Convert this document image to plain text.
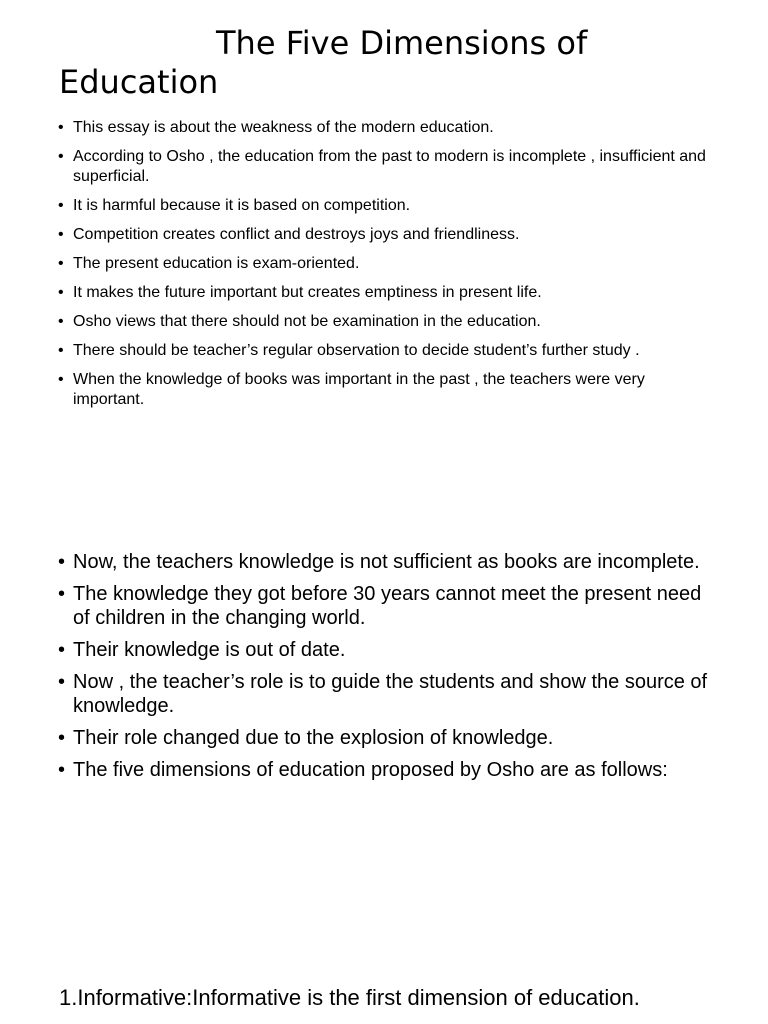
The Five Dimensions of
Education
• This essay is about the weakness of the modern education.
• According to Osho , the education from the past to modern is incomplete , insufficient and superficial.
• It is harmful because it is based on competition.
• Competition creates conflict and destroys joys and friendliness.
• The present education is exam-oriented.
• It makes the future important but creates emptiness in present life.
• Osho views that there should not be examination in the education.
• There should be teacher’s regular observation to decide student’s further study .
• When the knowledge of books was important in the past , the teachers were very important.
• Now, the teachers knowledge is not sufficient as books are incomplete.
• The knowledge they got before 30 years cannot meet the present need of children in the changing world.
• Their knowledge is out of date.
• Now , the teacher’s role is to guide the students and show the source of knowledge.
• Their role changed due to the explosion of knowledge.
• The five dimensions of education proposed by Osho are as follows:

1.Informative:Informative is the first dimension of education.
